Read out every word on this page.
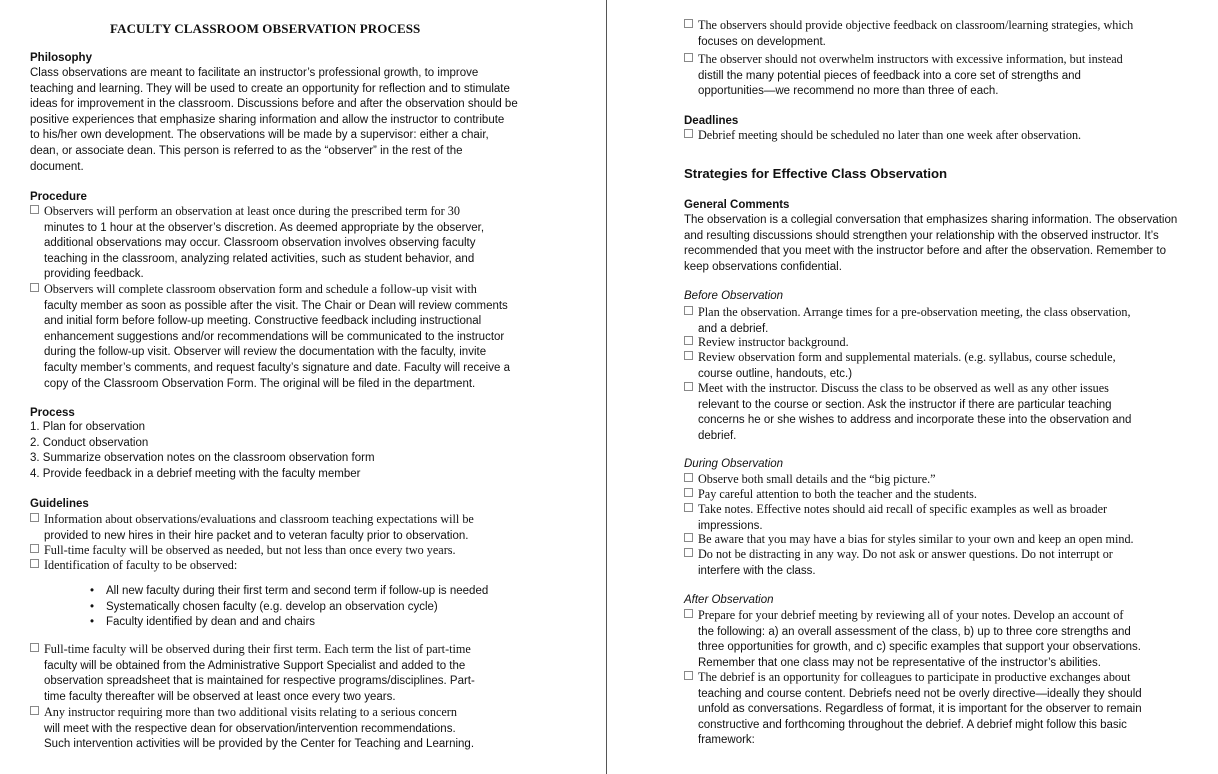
FACULTY CLASSROOM OBSERVATION PROCESS
Philosophy
Class observations are meant to facilitate an instructor’s professional growth, to improve
teaching and learning. They will be used to create an opportunity for reflection and to stimulate
ideas for improvement in the classroom. Discussions before and after the observation should be
positive experiences that emphasize sharing information and allow the instructor to contribute
to his/her own development. The observations will be made by a supervisor: either a chair,
dean, or associate dean. This person is referred to as the “observer” in the rest of the
document.
Procedure
Observers will perform an observation at least once during the prescribed term for 30
minutes to 1 hour at the observer’s discretion. As deemed appropriate by the observer,
additional observations may occur. Classroom observation involves observing faculty
teaching in the classroom, analyzing related activities, such as student behavior, and
providing feedback.
Observers will complete classroom observation form and schedule a follow-up visit with
faculty member as soon as possible after the visit. The Chair or Dean will review comments
and initial form before follow-up meeting. Constructive feedback including instructional
enhancement suggestions and/or recommendations will be communicated to the instructor
during the follow-up visit. Observer will review the documentation with the faculty, invite
faculty member’s comments, and request faculty’s signature and date. Faculty will receive a
copy of the Classroom Observation Form. The original will be filed in the department.
Process
1. Plan for observation
2. Conduct observation
3. Summarize observation notes on the classroom observation form
4. Provide feedback in a debrief meeting with the faculty member
Guidelines
Information about observations/evaluations and classroom teaching expectations will be
provided to new hires in their hire packet and to veteran faculty prior to observation.
Full-time faculty will be observed as needed, but not less than once every two years.
Identification of faculty to be observed:
• All new faculty during their first term and second term if follow-up is needed
• Systematically chosen faculty (e.g. develop an observation cycle)
• Faculty identified by dean and and chairs
Full-time faculty will be observed during their first term. Each term the list of part-time
faculty will be obtained from the Administrative Support Specialist and added to the
observation spreadsheet that is maintained for respective programs/disciplines. Part-
time faculty thereafter will be observed at least once every two years.
Any instructor requiring more than two additional visits relating to a serious concern
will meet with the respective dean for observation/intervention recommendations.
Such intervention activities will be provided by the Center for Teaching and Learning.
The observers should provide objective feedback on classroom/learning strategies, which
focuses on development.
The observer should not overwhelm instructors with excessive information, but instead
distill the many potential pieces of feedback into a core set of strengths and
opportunities—we recommend no more than three of each.
Deadlines
Debrief meeting should be scheduled no later than one week after observation.
Strategies for Effective Class Observation
General Comments
The observation is a collegial conversation that emphasizes sharing information. The observation
and resulting discussions should strengthen your relationship with the observed instructor. It’s
recommended that you meet with the instructor before and after the observation. Remember to
keep observations confidential.
Before Observation
Plan the observation. Arrange times for a pre-observation meeting, the class observation,
and a debrief.
Review instructor background.
Review observation form and supplemental materials. (e.g. syllabus, course schedule,
course outline, handouts, etc.)
Meet with the instructor. Discuss the class to be observed as well as any other issues
relevant to the course or section. Ask the instructor if there are particular teaching
concerns he or she wishes to address and incorporate these into the observation and
debrief.
During Observation
Observe both small details and the “big picture.”
Pay careful attention to both the teacher and the students.
Take notes. Effective notes should aid recall of specific examples as well as broader
impressions.
Be aware that you may have a bias for styles similar to your own and keep an open mind.
Do not be distracting in any way. Do not ask or answer questions. Do not interrupt or
interfere with the class.
After Observation
Prepare for your debrief meeting by reviewing all of your notes. Develop an account of
the following: a) an overall assessment of the class, b) up to three core strengths and
three opportunities for growth, and c) specific examples that support your observations.
Remember that one class may not be representative of the instructor’s abilities.
The debrief is an opportunity for colleagues to participate in productive exchanges about
teaching and course content. Debriefs need not be overly directive—ideally they should
unfold as conversations. Regardless of format, it is important for the observer to remain
constructive and forthcoming throughout the debrief. A debrief might follow this basic
framework:
